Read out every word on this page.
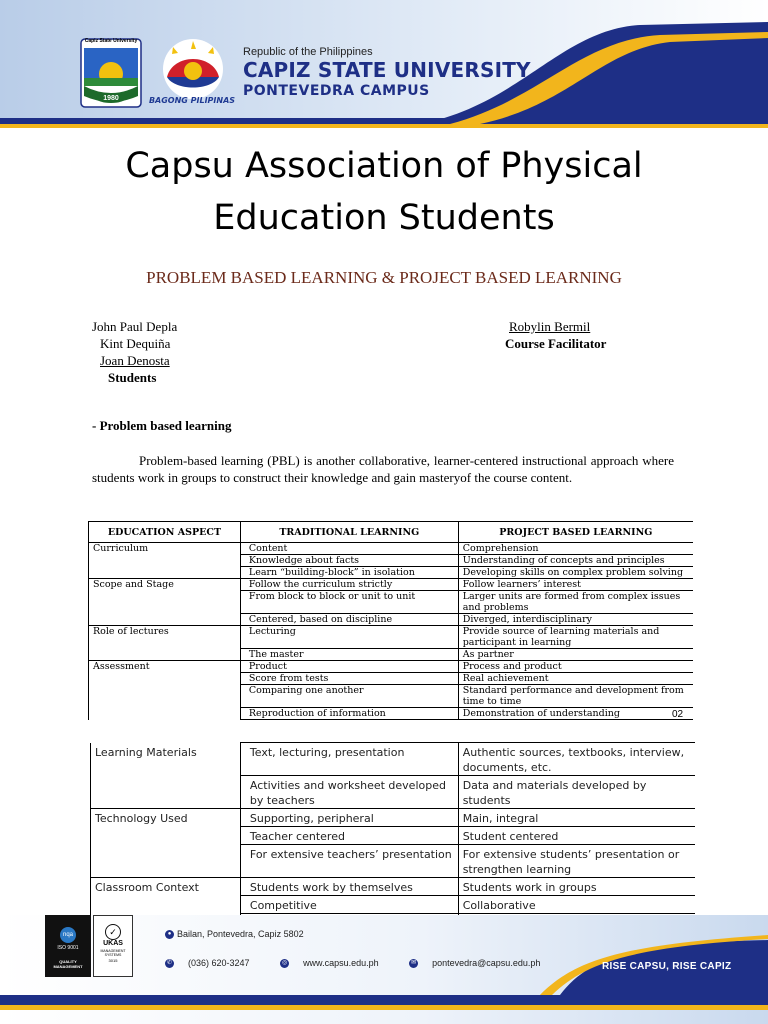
Capiz State University
1980	BAGONG PILIPINAS
Republic of the Philippines
CAPIZ STATE UNIVERSITY
PONTEVEDRA CAMPUS
Capsu Association of Physical
Education Students
PROBLEM BASED LEARNING & PROJECT BASED LEARNING
John Paul Depla
Kint Dequiña
Joan Denosta
Students
Robylin Bermil
Course Facilitator
- Problem based learning
Problem-based learning (PBL) is another collaborative, learner-centered instructional approach where students work in groups to construct their knowledge and gain masteryof the course content.
EDUCATION ASPECT	TRADITIONAL LEARNING	PROJECT BASED LEARNING
Curriculum	Content	Comprehension
	Knowledge about facts	Understanding of concepts and principles
	Learn “building-block” in isolation	Developing skills on complex problem solving
Scope and Stage	Follow the curriculum strictly	Follow learners’ interest
	From block to block or unit to unit	Larger units are formed from complex issues and problems
	Centered, based on discipline	Diverged, interdisciplinary
Role of lectures	Lecturing	Provide source of learning materials and participant in learning
	The master	As partner
Assessment	Product	Process and product
	Score from tests	Real achievement
	Comparing one another	Standard performance and development from time to time
	Reproduction of information	Demonstration of understanding	02
Learning Materials	Text, lecturing, presentation	Authentic sources, textbooks, interview, documents, etc.
	Activities and worksheet developed by teachers	Data and materials developed by students
Technology Used	Supporting, peripheral	Main, integral
	Teacher centered	Student centered
	For extensive teachers’ presentation	For extensive students’ presentation or strengthen learning
Classroom Context	Students work by themselves	Students work in groups
	Competitive	Collaborative

nqa
ISO 9001
QUALITY MANAGEMENT
✓
UKAS
MANAGEMENT SYSTEMS
3015
● Bailan, Pontevedra, Capiz 5802
✆ (036) 620-3247	◎ www.capsu.edu.ph	✉ pontevedra@capsu.edu.ph	RISE CAPSU, RISE CAPIZ
